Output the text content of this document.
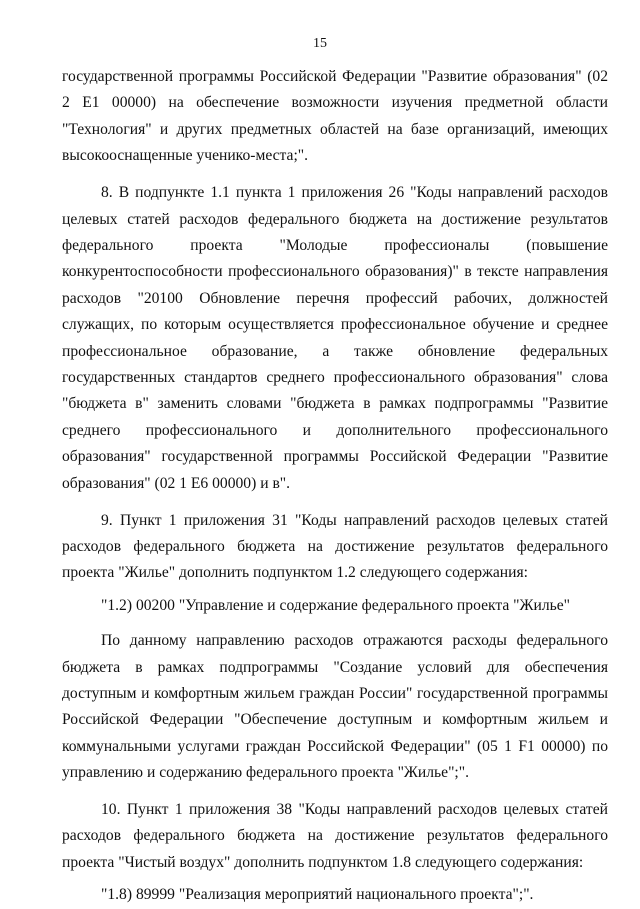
15

государственной программы Российской Федерации "Развитие образования" (02 2 Е1 00000) на обеспечение возможности изучения предметной области "Технология" и других предметных областей на базе организаций, имеющих высокооснащенные ученико-места;".

8. В подпункте 1.1 пункта 1 приложения 26 "Коды направлений расходов целевых статей расходов федерального бюджета на достижение результатов федерального проекта "Молодые профессионалы (повышение конкурентоспособности профессионального образования)" в тексте направления расходов "20100 Обновление перечня профессий рабочих, должностей служащих, по которым осуществляется профессиональное обучение и среднее профессиональное образование, а также обновление федеральных государственных стандартов среднего профессионального образования" слова "бюджета в" заменить словами "бюджета в рамках подпрограммы "Развитие среднего профессионального и дополнительного профессионального образования" государственной программы Российской Федерации "Развитие образования" (02 1 Е6 00000) и в".

9. Пункт 1 приложения 31 "Коды направлений расходов целевых статей расходов федерального бюджета на достижение результатов федерального проекта "Жилье" дополнить подпунктом 1.2 следующего содержания:

"1.2) 00200 "Управление и содержание федерального проекта "Жилье"

По данному направлению расходов отражаются расходы федерального бюджета в рамках подпрограммы "Создание условий для обеспечения доступным и комфортным жильем граждан России" государственной программы Российской Федерации "Обеспечение доступным и комфортным жильем и коммунальными услугами граждан Российской Федерации" (05 1 F1 00000) по управлению и содержанию федерального проекта "Жилье";".

10. Пункт 1 приложения 38 "Коды направлений расходов целевых статей расходов федерального бюджета на достижение результатов федерального проекта "Чистый воздух" дополнить подпунктом 1.8 следующего содержания:

"1.8) 89999 "Реализация мероприятий национального проекта";".
